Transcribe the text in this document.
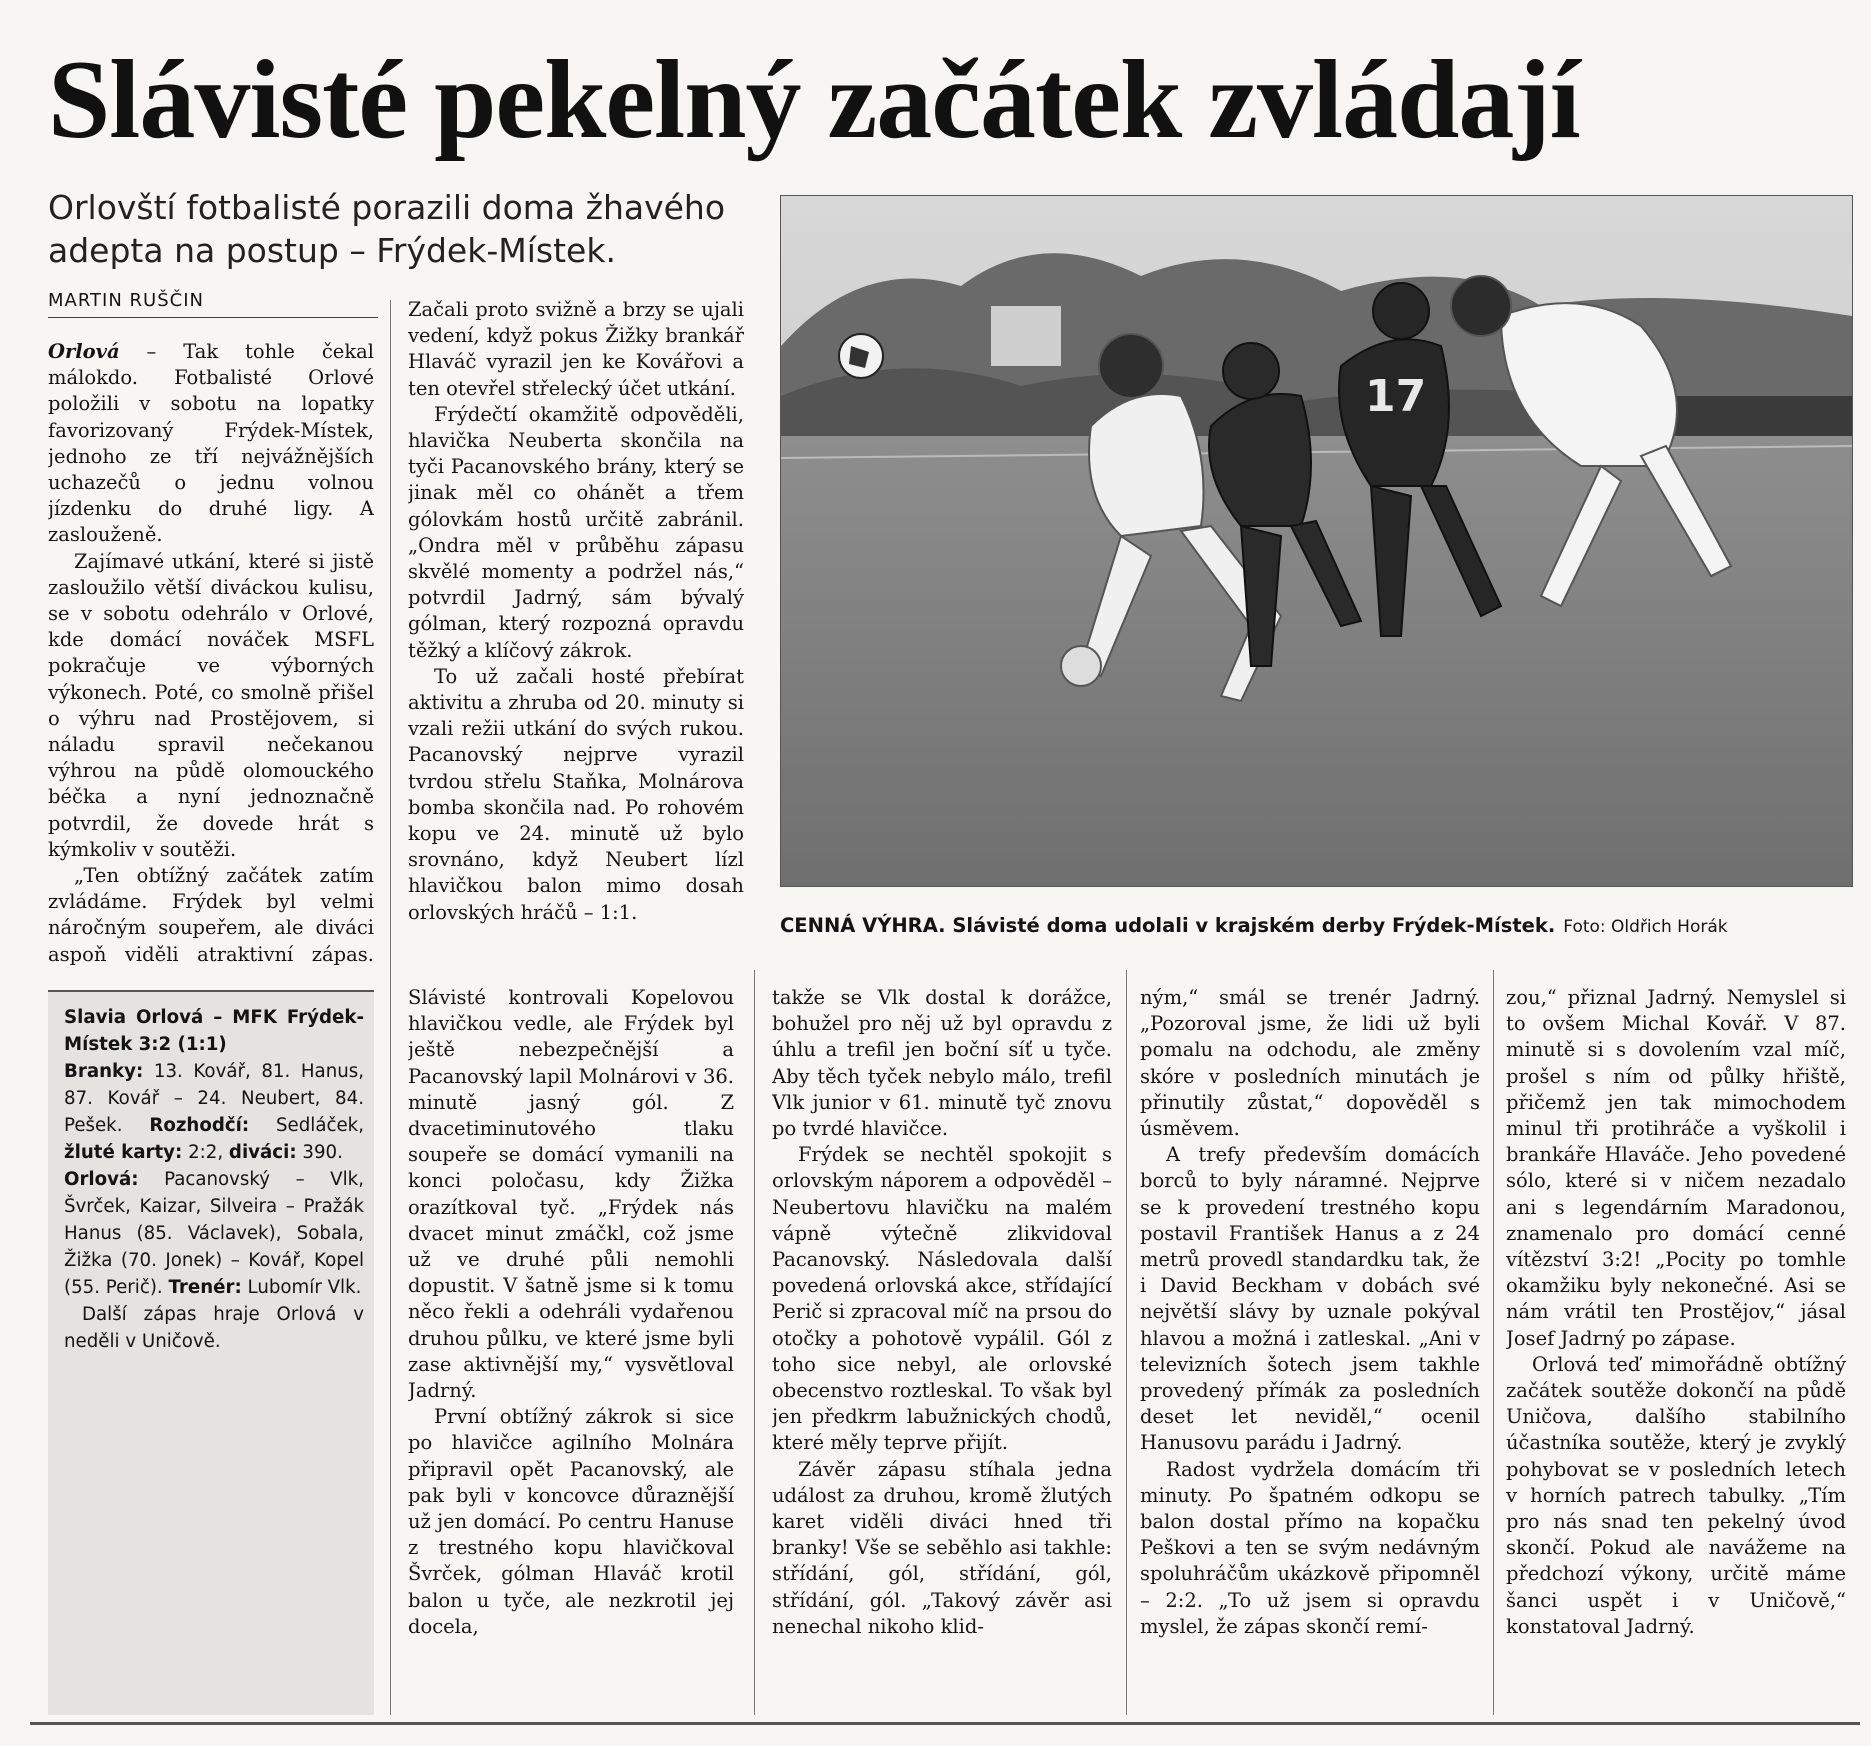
Slávisté pekelný začátek zvládají
Orlovští fotbalisté porazili doma žhavého adepta na postup – Frýdek-Místek.
MARTIN RUŠČIN

Orlová – Tak tohle čekal málokdo. Fotbalisté Orlové položili v sobotu na lopatky favorizovaný Frýdek-Místek, jednoho ze tří nejvážnějších uchazečů o jednu volnou jízdenku do druhé ligy. A zaslouženě.

Zajímavé utkání, které si jistě zasloužilo větší diváckou kulisu, se v sobotu odehrálo v Orlové, kde domácí nováček MSFL pokračuje ve výborných výkonech. Poté, co smolně přišel o výhru nad Prostějovem, si náladu spravil nečekanou výhrou na půdě olomouckého béčka a nyní jednoznačně potvrdil, že dovede hrát s kýmkoliv v soutěži.

„Ten obtížný začátek zatím zvládáme. Frýdek byl velmi náročným soupeřem, ale diváci aspoň viděli atraktivní zápas.

Začali proto svižně a brzy se ujali vedení, když pokus Žižky brankář Hlaváč vyrazil jen ke Kovářovi a ten otevřel střelecký účet utkání.

Frýdečtí okamžitě odpověděli, hlavička Neuberta skončila na tyči Pacanovského brány, který se jinak měl co ohánět a třem gólovkám hostů určitě zabránil. „Ondra měl v průběhu zápasu skvělé momenty a podržel nás,“ potvrdil Jadrný, sám bývalý gólman, který rozpozná opravdu těžký a klíčový zákrok.

To už začali hosté přebírat aktivitu a zhruba od 20. minuty si vzali režii utkání do svých rukou. Pacanovský nejprve vyrazil tvrdou střelu Staňka, Molnárova bomba skončila nad. Po rohovém kopu ve 24. minutě už bylo srovnáno, když Neubert lízl hlavičkou balon mimo dosah orlovských hráčů – 1:1.

Slávisté kontrovali Kopelovou hlavičkou vedle, ale Frýdek byl ještě nebezpečnější a Pacanovský lapil Molnárovi v 36. minutě jasný gól. Z dvacetiminutového tlaku soupeře se domácí vymanili na konci poločasu, kdy Žižka orazítkoval tyč. „Frýdek nás dvacet minut zmáčkl, což jsme už ve druhé půli nemohli dopustit. V šatně jsme si k tomu něco řekli a odehráli vydařenou druhou půlku, ve které jsme byli zase aktivnější my,“ vysvětloval Jadrný.

První obtížný zákrok si sice po hlavičce agilního Molnára připravil opět Pacanovský, ale pak byli v koncovce důraznější už jen domácí. Po centru Hanuse z trestného kopu hlavičkoval Švrček, gólman Hlaváč krotil balon u tyče, ale nezkrotil jej docela,

takže se Vlk dostal k dorážce, bohužel pro něj už byl opravdu z úhlu a trefil jen boční síť u tyče. Aby těch tyček nebylo málo, trefil Vlk junior v 61. minutě tyč znovu po tvrdé hlavičce.

Frýdek se nechtěl spokojit s orlovským náporem a odpověděl – Neubertovu hlavičku na malém vápně výtečně zlikvidoval Pacanovský. Následovala další povedená orlovská akce, střídající Perič si zpracoval míč na prsou do otočky a pohotově vypálil. Gól z toho sice nebyl, ale orlovské obecenstvo roztleskal. To však byl jen předkrm labužnických chodů, které měly teprve přijít.

Závěr zápasu stíhala jedna událost za druhou, kromě žlutých karet viděli diváci hned tři branky! Vše se seběhlo asi takhle: střídání, gól, střídání, gól, střídání, gól. „Takový závěr asi nenechal nikoho klid-

ným,“ smál se trenér Jadrný. „Pozoroval jsme, že lidi už byli pomalu na odchodu, ale změny skóre v posledních minutách je přinutily zůstat,“ dopověděl s úsměvem.

A trefy především domácích borců to byly náramné. Nejprve se k provedení trestného kopu postavil František Hanus a z 24 metrů provedl standardku tak, že i David Beckham v dobách své největší slávy by uznale pokýval hlavou a možná i zatleskal. „Ani v televizních šotech jsem takhle provedený přímák za posledních deset let neviděl,“ ocenil Hanusovu parádu i Jadrný.

Radost vydržela domácím tři minuty. Po špatném odkopu se balon dostal přímo na kopačku Peškovi a ten se svým nedávným spoluhráčům ukázkově připomněl – 2:2. „To už jsem si opravdu myslel, že zápas skončí remí-

zou,“ přiznal Jadrný. Nemyslel si to ovšem Michal Kovář. V 87. minutě si s dovolením vzal míč, prošel s ním od půlky hřiště, přičemž jen tak mimochodem minul tři protihráče a vyškolil i brankáře Hlaváče. Jeho povedené sólo, které si v ničem nezadalo ani s legendárním Maradonou, znamenalo pro domácí cenné vítězství 3:2! „Pocity po tomhle okamžiku byly nekonečné. Asi se nám vrátil ten Prostějov,“ jásal Josef Jadrný po zápase.

Orlová teď mimořádně obtížný začátek soutěže dokončí na půdě Uničova, dalšího stabilního účastníka soutěže, který je zvyklý pohybovat se v posledních letech v horních patrech tabulky. „Tím pro nás snad ten pekelný úvod skončí. Pokud ale navážeme na předchozí výkony, určitě máme šanci uspět i v Uničově,“ konstatoval Jadrný.

17
CENNÁ VÝHRA. Slávisté doma udolali v krajském derby Frýdek-Místek. Foto: Oldřich Horák

Slavia Orlová – MFK Frýdek-Místek 3:2 (1:1)

Branky: 13. Kovář, 81. Hanus, 87. Kovář – 24. Neubert, 84. Pešek. Rozhodčí: Sedláček, žluté karty: 2:2, diváci: 390.

Orlová: Pacanovský – Vlk, Švrček, Kaizar, Silveira – Pražák Hanus (85. Václavek), Sobala, Žižka (70. Jonek) – Kovář, Kopel (55. Perič). Trenér: Lubomír Vlk.

Další zápas hraje Orlová v neděli v Uničově.
